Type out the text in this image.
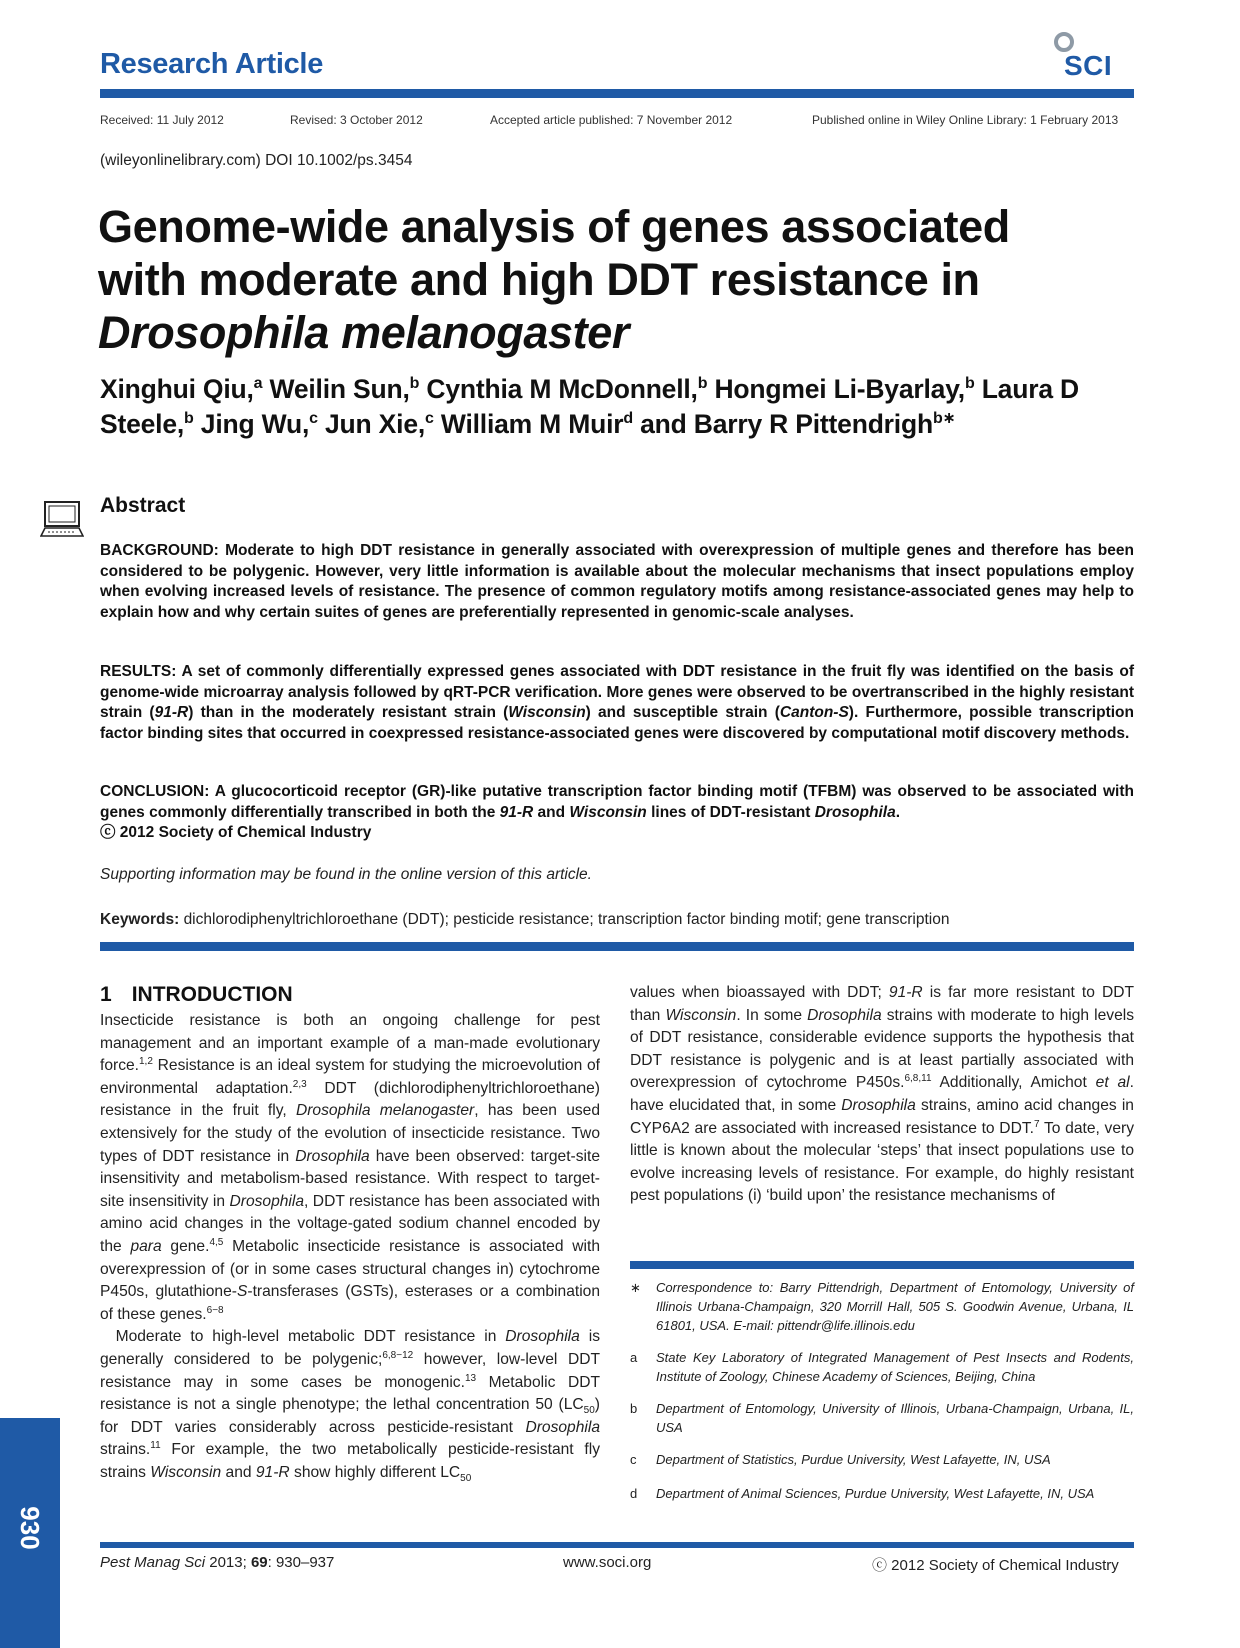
Research Article	SCI
Received: 11 July 2012	Revised: 3 October 2012	Accepted article published: 7 November 2012	Published online in Wiley Online Library: 1 February 2013
(wileyonlinelibrary.com) DOI 10.1002/ps.3454
Genome-wide analysis of genes associated
with moderate and high DDT resistance in
Drosophila melanogaster
Xinghui Qiu,$^a$ Weilin Sun,$^b$ Cynthia M McDonnell,$^b$ Hongmei Li-Byarlay,$^b$ Laura D Steele,$^b$ Jing Wu,$^c$ Jun Xie,$^c$ William M Muir$^d$ and Barry R Pittendrigh$^{b∗}$
Abstract
BACKGROUND: Moderate to high DDT resistance in generally associated with overexpression of multiple genes and therefore has been considered to be polygenic. However, very little information is available about the molecular mechanisms that insect populations employ when evolving increased levels of resistance. The presence of common regulatory motifs among resistance-associated genes may help to explain how and why certain suites of genes are preferentially represented in genomic-scale analyses.
RESULTS: A set of commonly differentially expressed genes associated with DDT resistance in the fruit fly was identified on the basis of genome-wide microarray analysis followed by qRT-PCR verification. More genes were observed to be overtranscribed in the highly resistant strain (91-R) than in the moderately resistant strain (Wisconsin) and susceptible strain (Canton-S). Furthermore, possible transcription factor binding sites that occurred in coexpressed resistance-associated genes were discovered by computational motif discovery methods.
CONCLUSION: A glucocorticoid receptor (GR)-like putative transcription factor binding motif (TFBM) was observed to be associated with genes commonly differentially transcribed in both the 91-R and Wisconsin lines of DDT-resistant Drosophila.
ⓒ 2012 Society of Chemical Industry
Supporting information may be found in the online version of this article.
Keywords: dichlorodiphenyltrichloroethane (DDT); pesticide resistance; transcription factor binding motif; gene transcription
1 INTRODUCTION
Insecticide resistance is both an ongoing challenge for pest management and an important example of a man-made evolutionary force.$^{1,2}$ Resistance is an ideal system for studying the microevolution of environmental adaptation.$^{2,3}$ DDT (dichlorodiphenyltrichloroethane) resistance in the fruit fly, Drosophila melanogaster, has been used extensively for the study of the evolution of insecticide resistance. Two types of DDT resistance in Drosophila have been observed: target-site insensitivity and metabolism-based resistance. With respect to target-site insensitivity in Drosophila, DDT resistance has been associated with amino acid changes in the voltage-gated sodium channel encoded by the para gene.$^{4,5}$ Metabolic insecticide resistance is associated with overexpression of (or in some cases structural changes in) cytochrome P450s, glutathione-S-transferases (GSTs), esterases or a combination of these genes.$^{6-8}$
 Moderate to high-level metabolic DDT resistance in Drosophila is generally considered to be polygenic;$^{6,8-12}$ however, low-level DDT resistance may in some cases be monogenic.$^{13}$ Metabolic DDT resistance is not a single phenotype; the lethal concentration 50 $(LC_{50})$ for DDT varies considerably across pesticide-resistant Drosophila strains.$^{11}$ For example, the two metabolically pesticide-resistant fly strains Wisconsin and 91-R show highly different $LC_{50}$
values when bioassayed with DDT; 91-R is far more resistant to DDT than Wisconsin. In some Drosophila strains with moderate to high levels of DDT resistance, considerable evidence supports the hypothesis that DDT resistance is polygenic and is at least partially associated with overexpression of cytochrome P450s.$^{6,8,11}$ Additionally, Amichot et al. have elucidated that, in some Drosophila strains, amino acid changes in CYP6A2 are associated with increased resistance to DDT.$^7$ To date, very little is known about the molecular ‘steps’ that insect populations use to evolve increasing levels of resistance. For example, do highly resistant pest populations (i) ‘build upon’ the resistance mechanisms of
∗ Correspondence to: Barry Pittendrigh, Department of Entomology, University of Illinois Urbana-Champaign, 320 Morrill Hall, 505 S. Goodwin Avenue, Urbana, IL 61801, USA. E-mail: pittendr@life.illinois.edu
a	State Key Laboratory of Integrated Management of Pest Insects and Rodents, Institute of Zoology, Chinese Academy of Sciences, Beijing, China
b	Department of Entomology, University of Illinois, Urbana-Champaign, Urbana, IL, USA
c	Department of Statistics, Purdue University, West Lafayette, IN, USA
d	Department of Animal Sciences, Purdue University, West Lafayette, IN, USA
930
Pest Manag Sci 2013; 69: 930–937	www.soci.org	ⓒ 2012 Society of Chemical Industry
